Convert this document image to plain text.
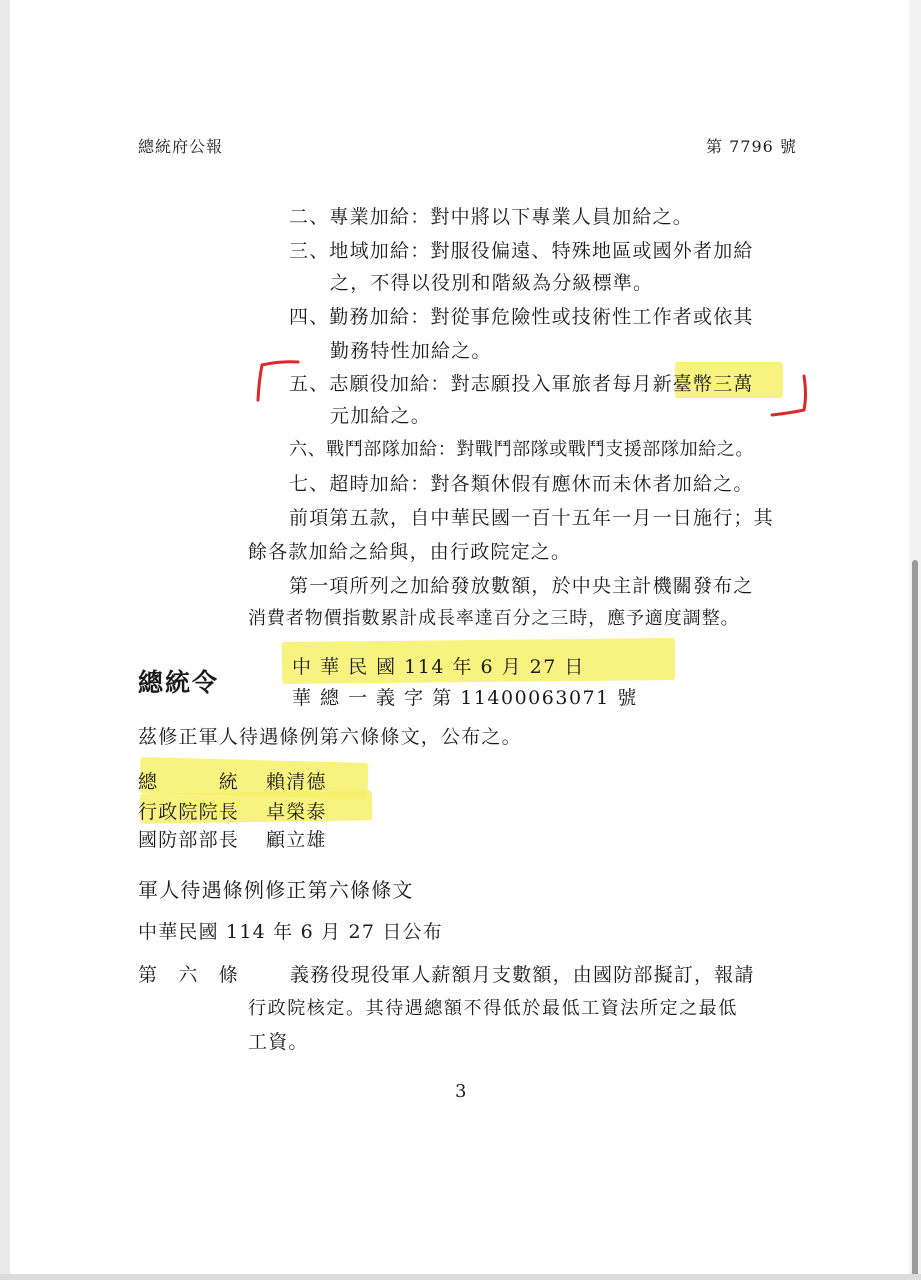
總統府公報	第 7796 號
二、專業加給：對中將以下專業人員加給之。
三、地域加給：對服役偏遠、特殊地區或國外者加給
之，不得以役別和階級為分級標準。
四、勤務加給：對從事危險性或技術性工作者或依其
勤務特性加給之。
五、志願役加給：對志願投入軍旅者每月新臺幣三萬
元加給之。
六、戰鬥部隊加給：對戰鬥部隊或戰鬥支援部隊加給之。
七、超時加給：對各類休假有應休而未休者加給之。
前項第五款，自中華民國一百十五年一月一日施行；其
餘各款加給之給與，由行政院定之。
第一項所列之加給發放數額，於中央主計機關發布之
消費者物價指數累計成長率達百分之三時，應予適度調整。
總統令
中 華 民 國 114 年 6 月 27 日
華 總 一 義 字 第 11400063071 號
茲修正軍人待遇條例第六條條文，公布之。
總　　　統 賴清德
行政院院長 卓榮泰
國防部部長 顧立雄
軍人待遇條例修正第六條條文
中華民國 114 年 6 月 27 日公布
第　六　條	義務役現役軍人薪額月支數額，由國防部擬訂，報請
行政院核定。其待遇總額不得低於最低工資法所定之最低
工資。
3
